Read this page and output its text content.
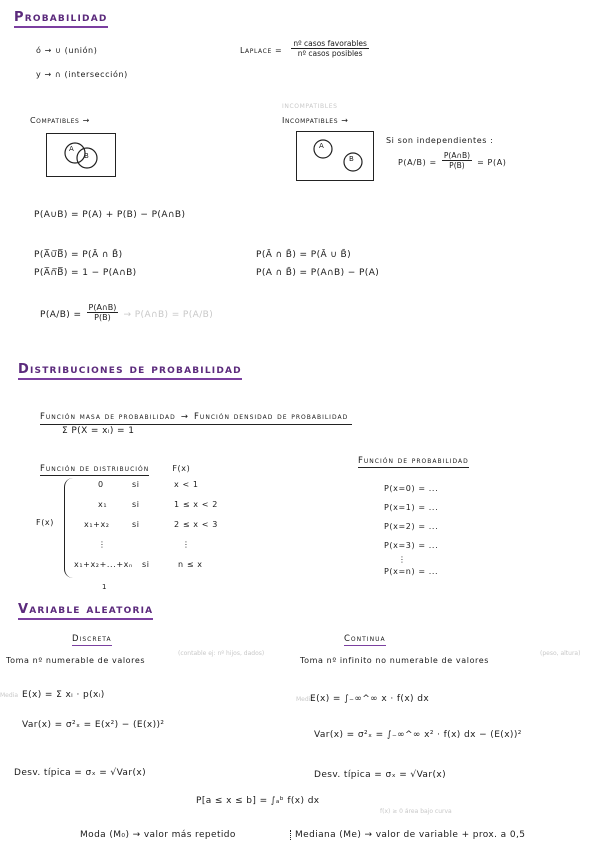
Probabilidad
ó → ∪ (unión)
y → ∩ (intersección)
Laplace = $\frac{\text{nº casos favorables}}{\text{nº casos posibles}}$
Compatibles →
A
B
incompatibles
Incompatibles →
A
B
Si son independientes :
$P(A/B) = \frac{P(A\cap B)}{P(B)} = P(A)$
P(A∪B) = P(A) + P(B) − P(A∩B)
P(A̅∪̅B̅) = P(Ā ∩ B̄)
P(A̅∩̅B̅) = 1 − P(A∩B)
P(Ā ∩ B̄) = P(Ā ∪ B̄)
P(A ∩ B̄) = P(A∩B) − P(A)
$P(A/B) = \frac{P(A\cap B)}{P(B)}$ → P(A∩B) = P(A/B)
Distribuciones de probabilidad
Función masa de probabilidad → Función densidad de probabilidad
Σ P(X = xᵢ) = 1
Función de distribución	F(x)
Función de probabilidad
F(x)
0	si	x < 1
x₁	si	1 ≤ x < 2
x₁+x₂	si	2 ≤ x < 3
⋮	⋮
x₁+x₂+...+xₙ si	n ≤ x
1
P(x=0) = ...
P(x=1) = ...
P(x=2) = ...
P(x=3) = ...
⋮
P(x=n) = ...
Variable aleatoria
Discreta	Continua
Toma nº numerable de valores
(contable ej: nº hijos, dados)
Toma nº infinito no numerable de valores
(peso, altura)
Media E(x) = Σ xᵢ · p(xᵢ)	Media
E(x) = ∫₋∞^∞ x · f(x) dx
Var(x) = σ²ₓ = E(x²) − (E(x))²
Var(x) = σ²ₓ = ∫₋∞^∞ x² · f(x) dx − (E(x))²
Desv. típica = σₓ = √Var(x)	Desv. típica = σₓ = √Var(x)
P[a ≤ x ≤ b] = ∫ₐᵇ f(x) dx
f(x) ≥ 0 área bajo curva
Moda (M₀) → valor más repetido	Mediana (Me) → valor de variable + prox. a 0,5
